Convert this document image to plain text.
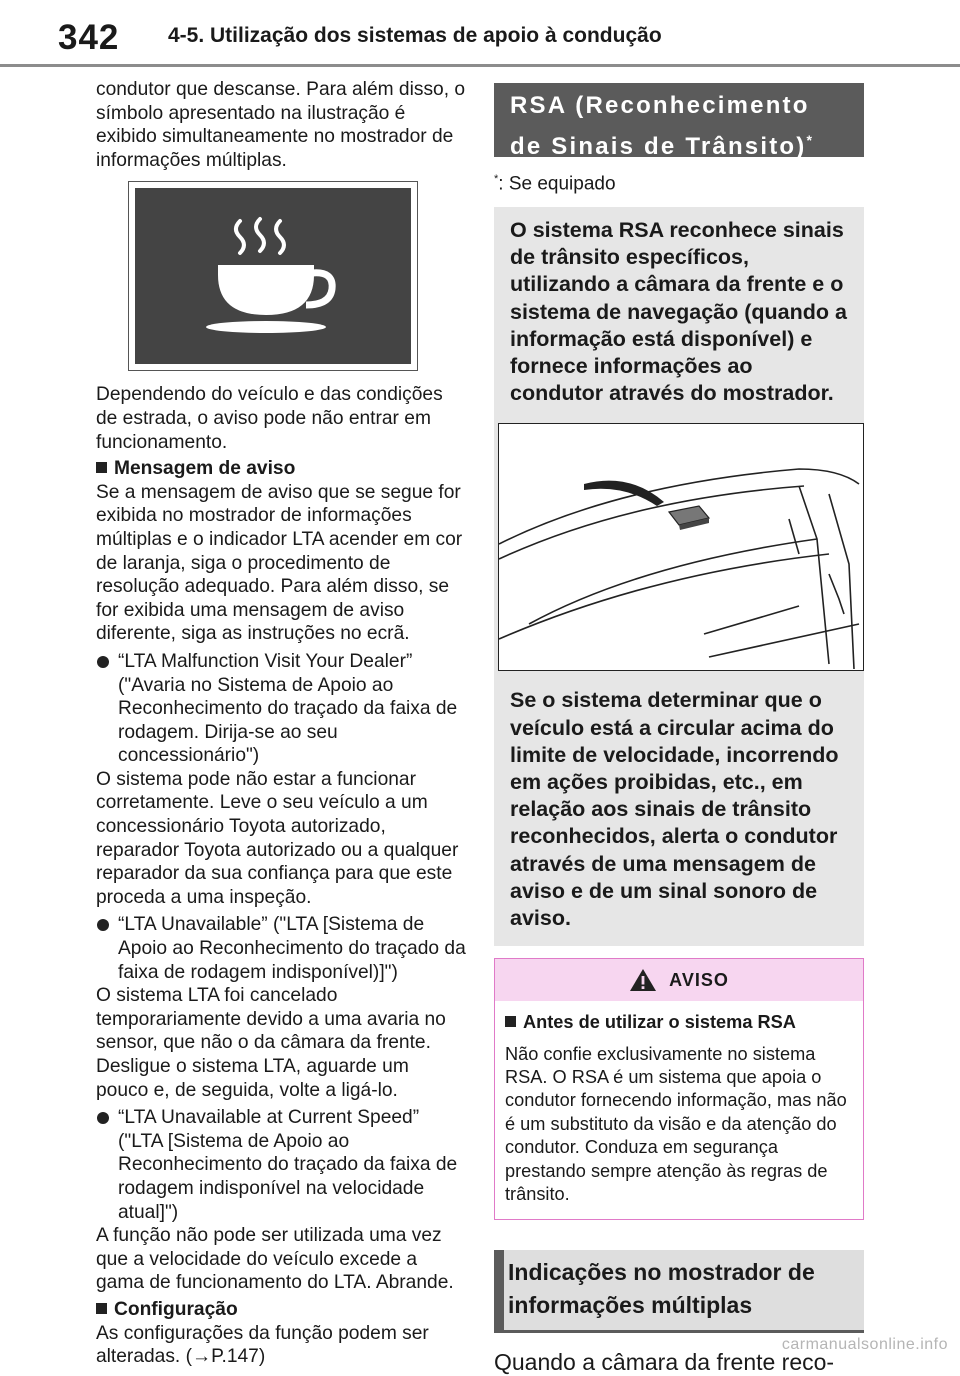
342 4-5. Utilização dos sistemas de apoio à condução

condutor que descanse. Para além disso, o símbolo apresentado na ilustração é exibido simultaneamente no mostrador de informações múltiplas.

Dependendo do veículo e das condições de estrada, o aviso pode não entrar em funcionamento.

Mensagem de aviso

Se a mensagem de aviso que se segue for exibida no mostrador de informações múltiplas e o indicador LTA acender em cor de laranja, siga o procedimento de resolução adequado. Para além disso, se for exibida uma mensagem de aviso diferente, siga as instruções no ecrã.

“LTA Malfunction Visit Your Dealer” ("Avaria no Sistema de Apoio ao Reconhecimento do traçado da faixa de rodagem. Dirija-se ao seu concessionário")

O sistema pode não estar a funcionar corretamente. Leve o seu veículo a um concessionário Toyota autorizado, reparador Toyota autorizado ou a qualquer reparador da sua confiança para que este proceda a uma inspeção.

“LTA Unavailable” ("LTA [Sistema de Apoio ao Reconhecimento do traçado da faixa de rodagem indisponível)]")

O sistema LTA foi cancelado temporariamente devido a uma avaria no sensor, que não o da câmara da frente. Desligue o sistema LTA, aguarde um pouco e, de seguida, volte a ligá-lo.

“LTA Unavailable at Current Speed” ("LTA [Sistema de Apoio ao Reconhecimento do traçado da faixa de rodagem indisponível na velocidade atual]")

A função não pode ser utilizada uma vez que a velocidade do veículo excede a gama de funcionamento do LTA. Abrande.

Configuração

As configurações da função podem ser alteradas. (→P.147)

RSA (Reconhecimento de Sinais de Trânsito)*
*: Se equipado

O sistema RSA reconhece sinais de trânsito específicos, utilizando a câmara da frente e o sistema de navegação (quando a informação está disponível) e fornece informações ao condutor através do mostrador.

Se o sistema determinar que o veículo está a circular acima do limite de velocidade, incorrendo em ações proibidas, etc., em relação aos sinais de trânsito reconhecidos, alerta o condutor através de uma mensagem de aviso e de um sinal sonoro de aviso.

AVISO

Antes de utilizar o sistema RSA

Não confie exclusivamente no sistema RSA. O RSA é um sistema que apoia o condutor fornecendo informação, mas não é um substituto da visão e da atenção do condutor. Conduza em segurança prestando sempre atenção às regras de trânsito.

Indicações no mostrador de informações múltiplas
Quando a câmara da frente reco-
carmanualsonline.info
